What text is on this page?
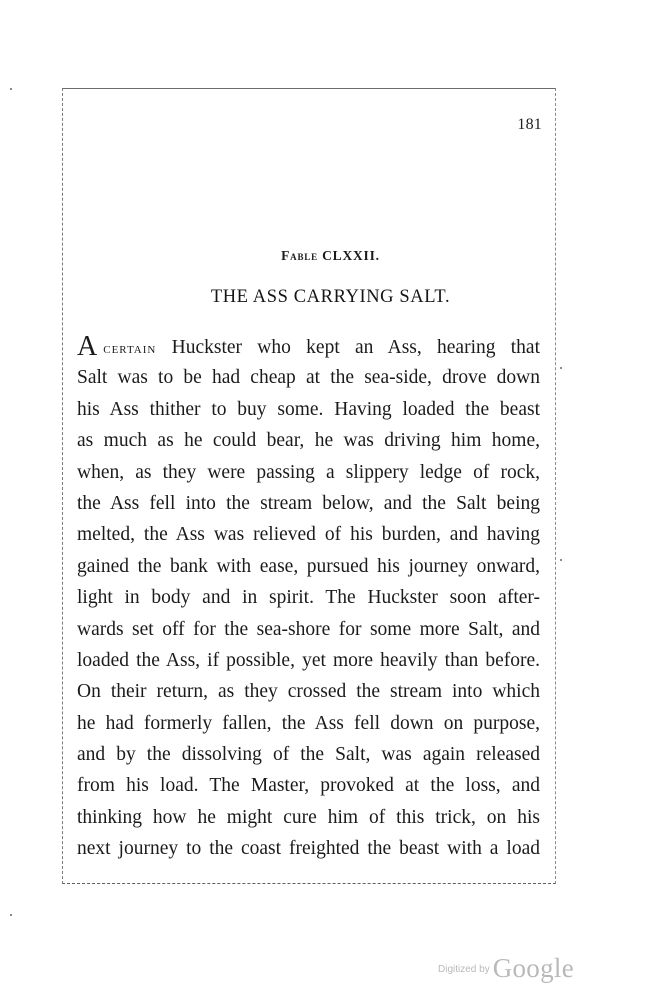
181
Fable CLXXII.
THE ASS CARRYING SALT.
Acertain Huckster who kept an Ass, hearing that
Salt was to be had cheap at the sea-side, drove down
his Ass thither to buy some. Having loaded the beast
as much as he could bear, he was driving him home,
when, as they were passing a slippery ledge of rock,
the Ass fell into the stream below, and the Salt being
melted, the Ass was relieved of his burden, and having
gained the bank with ease, pursued his journey onward,
light in body and in spirit. The Huckster soon after-
wards set off for the sea-shore for some more Salt, and
loaded the Ass, if possible, yet more heavily than before.
On their return, as they crossed the stream into which
he had formerly fallen, the Ass fell down on purpose,
and by the dissolving of the Salt, was again released
from his load. The Master, provoked at the loss, and
thinking how he might cure him of this trick, on his
next journey to the coast freighted the beast with a load
$^{Digitized by}$ Google
